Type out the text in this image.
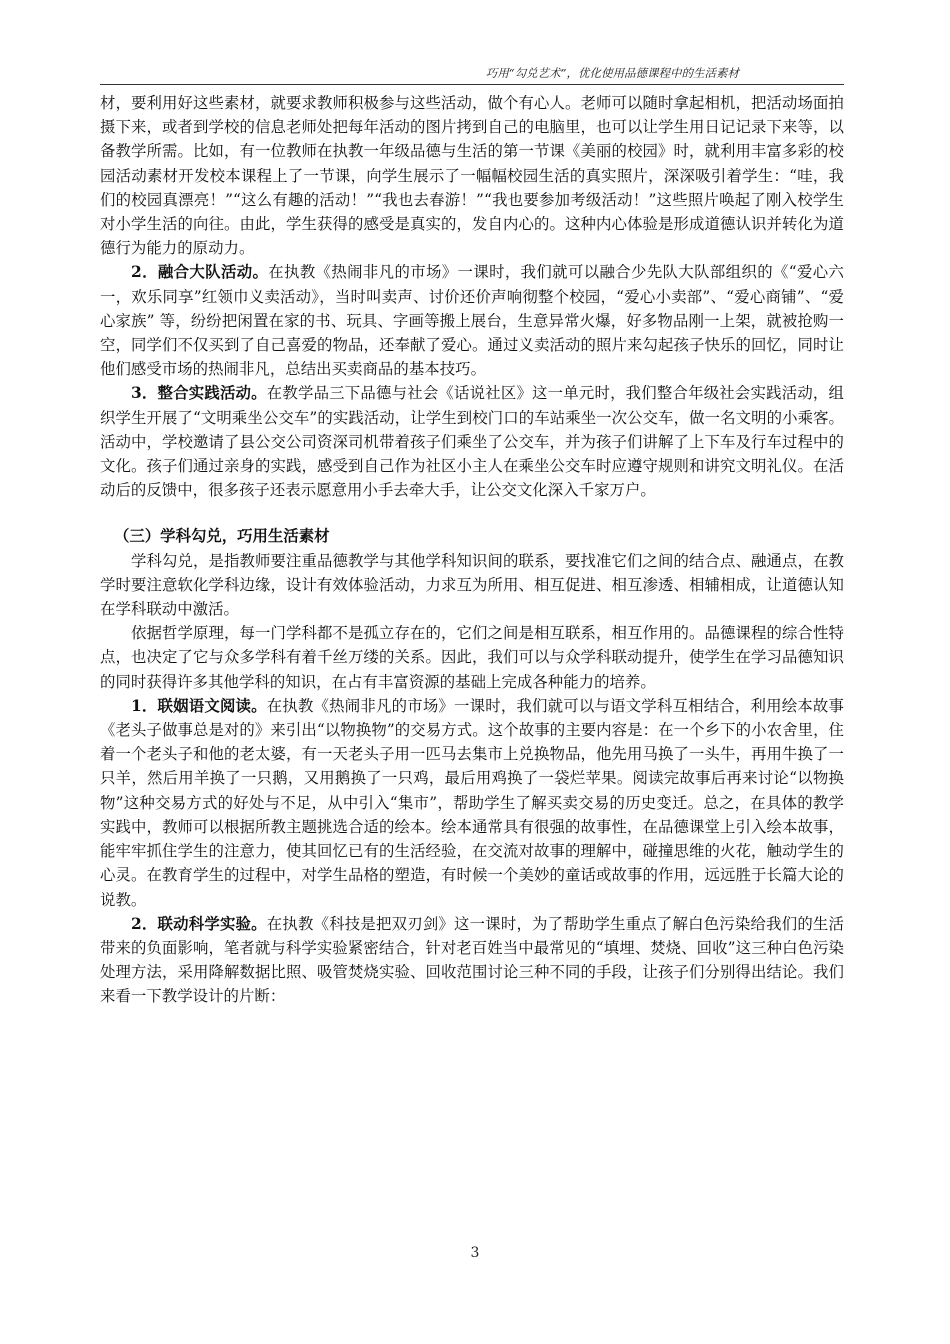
巧用“勾兑艺术”，优化使用品德课程中的生活素材

材，要利用好这些素材，就要求教师积极参与这些活动，做个有心人。老师可以随时拿起相机，把活动场面拍摄下来，或者到学校的信息老师处把每年活动的图片拷到自己的电脑里，也可以让学生用日记记录下来等，以备教学所需。比如，有一位教师在执教一年级品德与生活的第一节课《美丽的校园》时，就利用丰富多彩的校园活动素材开发校本课程上了一节课，向学生展示了一幅幅校园生活的真实照片，深深吸引着学生：“哇，我们的校园真漂亮！”“这么有趣的活动！”“我也去春游！”“我也要参加考级活动！”这些照片唤起了刚入校学生对小学生活的向往。由此，学生获得的感受是真实的，发自内心的。这种内心体验是形成道德认识并转化为道德行为能力的原动力。

2．融合大队活动。在执教《热闹非凡的市场》一课时，我们就可以融合少先队大队部组织的《“爱心六一，欢乐同享”红领巾义卖活动》，当时叫卖声、讨价还价声响彻整个校园，“爱心小卖部”、“爱心商铺”、“爱心家族” 等，纷纷把闲置在家的书、玩具、字画等搬上展台，生意异常火爆，好多物品刚一上架，就被抢购一空，同学们不仅买到了自己喜爱的物品，还奉献了爱心。通过义卖活动的照片来勾起孩子快乐的回忆，同时让他们感受市场的热闹非凡，总结出买卖商品的基本技巧。

3．整合实践活动。在教学品三下品德与社会《话说社区》这一单元时，我们整合年级社会实践活动，组织学生开展了“文明乘坐公交车”的实践活动，让学生到校门口的车站乘坐一次公交车，做一名文明的小乘客。活动中，学校邀请了县公交公司资深司机带着孩子们乘坐了公交车，并为孩子们讲解了上下车及行车过程中的文化。孩子们通过亲身的实践，感受到自己作为社区小主人在乘坐公交车时应遵守规则和讲究文明礼仪。在活动后的反馈中，很多孩子还表示愿意用小手去牵大手，让公交文化深入千家万户。

（三）学科勾兑，巧用生活素材

学科勾兑，是指教师要注重品德教学与其他学科知识间的联系，要找准它们之间的结合点、融通点，在教学时要注意软化学科边缘，设计有效体验活动，力求互为所用、相互促进、相互渗透、相辅相成，让道德认知在学科联动中激活。

依据哲学原理，每一门学科都不是孤立存在的，它们之间是相互联系，相互作用的。品德课程的综合性特点，也决定了它与众多学科有着千丝万缕的关系。因此，我们可以与众学科联动提升，使学生在学习品德知识的同时获得许多其他学科的知识，在占有丰富资源的基础上完成各种能力的培养。

1．联姻语文阅读。在执教《热闹非凡的市场》一课时，我们就可以与语文学科互相结合，利用绘本故事《老头子做事总是对的》来引出“以物换物”的交易方式。这个故事的主要内容是：在一个乡下的小农舍里，住着一个老头子和他的老太婆，有一天老头子用一匹马去集市上兑换物品，他先用马换了一头牛，再用牛换了一只羊，然后用羊换了一只鹅，又用鹅换了一只鸡，最后用鸡换了一袋烂苹果。阅读完故事后再来讨论“以物换物”这种交易方式的好处与不足，从中引入“集市”，帮助学生了解买卖交易的历史变迁。总之，在具体的教学实践中，教师可以根据所教主题挑选合适的绘本。绘本通常具有很强的故事性，在品德课堂上引入绘本故事，能牢牢抓住学生的注意力，使其回忆已有的生活经验，在交流对故事的理解中，碰撞思维的火花，触动学生的心灵。在教育学生的过程中，对学生品格的塑造，有时候一个美妙的童话或故事的作用，远远胜于长篇大论的说教。

2．联动科学实验。在执教《科技是把双刃剑》这一课时，为了帮助学生重点了解白色污染给我们的生活带来的负面影响，笔者就与科学实验紧密结合，针对老百姓当中最常见的“填埋、焚烧、回收”这三种白色污染处理方法，采用降解数据比照、吸管焚烧实验、回收范围讨论三种不同的手段，让孩子们分别得出结论。我们来看一下教学设计的片断：

3
